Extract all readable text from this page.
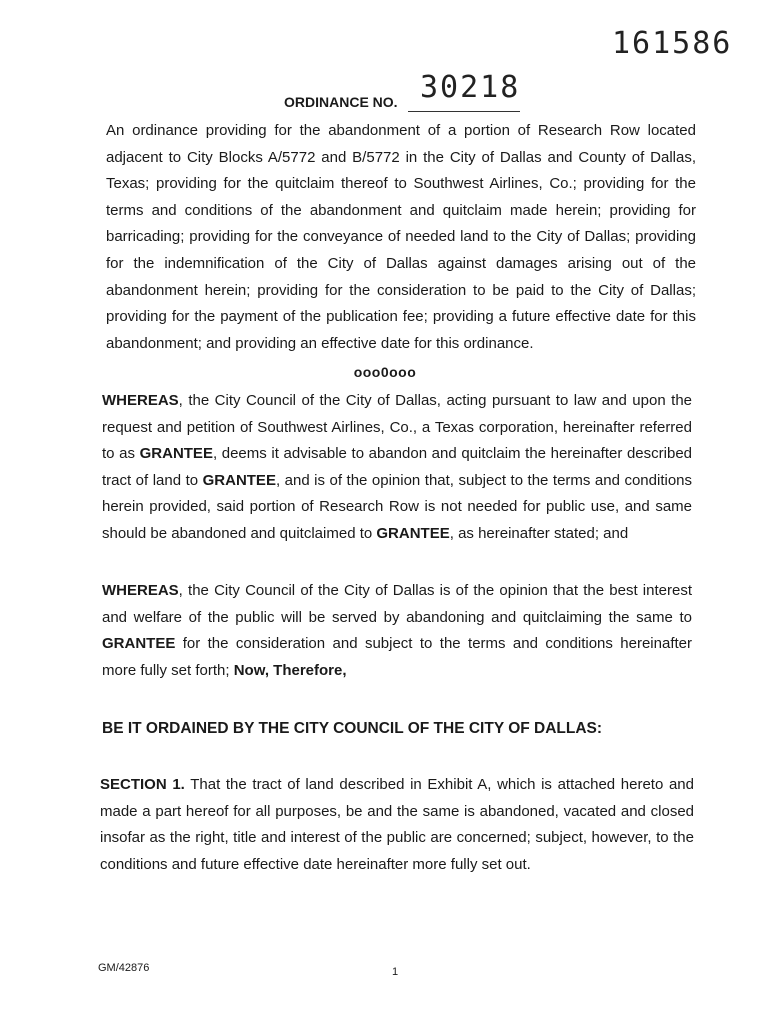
161586
ORDINANCE NO. 30218

An ordinance providing for the abandonment of a portion of Research Row located adjacent to City Blocks A/5772 and B/5772 in the City of Dallas and County of Dallas, Texas; providing for the quitclaim thereof to Southwest Airlines, Co.; providing for the terms and conditions of the abandonment and quitclaim made herein; providing for barricading; providing for the conveyance of needed land to the City of Dallas; providing for the indemnification of the City of Dallas against damages arising out of the abandonment herein; providing for the consideration to be paid to the City of Dallas; providing for the payment of the publication fee; providing a future effective date for this abandonment; and providing an effective date for this ordinance.

ooo0ooo

WHEREAS, the City Council of the City of Dallas, acting pursuant to law and upon the request and petition of Southwest Airlines, Co., a Texas corporation, hereinafter referred to as GRANTEE, deems it advisable to abandon and quitclaim the hereinafter described tract of land to GRANTEE, and is of the opinion that, subject to the terms and conditions herein provided, said portion of Research Row is not needed for public use, and same should be abandoned and quitclaimed to GRANTEE, as hereinafter stated; and

WHEREAS, the City Council of the City of Dallas is of the opinion that the best interest and welfare of the public will be served by abandoning and quitclaiming the same to GRANTEE for the consideration and subject to the terms and conditions hereinafter more fully set forth; Now, Therefore,

BE IT ORDAINED BY THE CITY COUNCIL OF THE CITY OF DALLAS:

SECTION 1. That the tract of land described in Exhibit A, which is attached hereto and made a part hereof for all purposes, be and the same is abandoned, vacated and closed insofar as the right, title and interest of the public are concerned; subject, however, to the conditions and future effective date hereinafter more fully set out.

GM/42876	1
